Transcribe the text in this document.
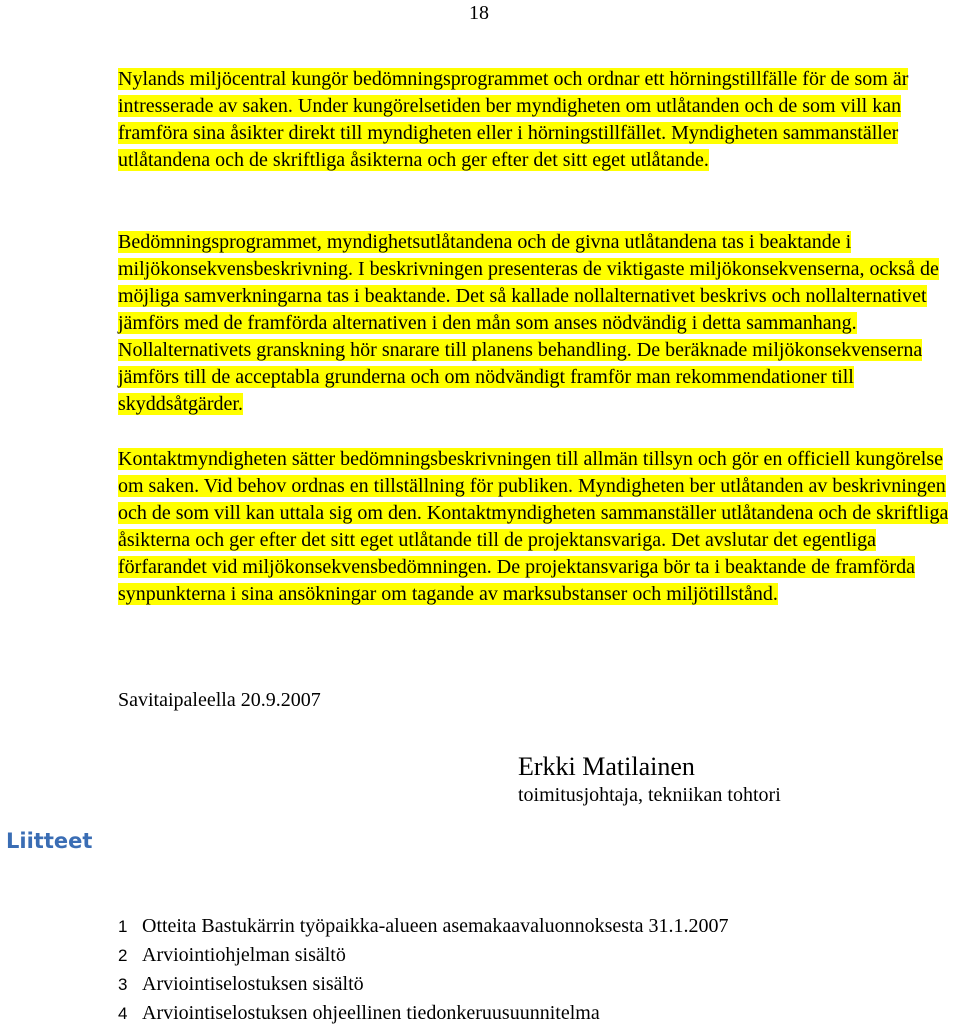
18

Nylands miljöcentral kungör bedömningsprogrammet och ordnar ett hörningstillfälle för de som är intresserade av saken. Under kungörelsetiden ber myndigheten om utlåtanden och de som vill kan framföra sina åsikter direkt till myndigheten eller i hörningstillfället. Myndigheten sammanställer utlåtandena och de skriftliga åsikterna och ger efter det sitt eget utlåtande.

Bedömningsprogrammet, myndighetsutlåtandena och de givna utlåtandena tas i beaktande i miljökonsekvensbeskrivning. I beskrivningen presenteras de viktigaste miljökonsekvenserna, också de möjliga samverkningarna tas i beaktande. Det så kallade nollalternativet beskrivs och nollalternativet jämförs med de framförda alternativen i den mån som anses nödvändig i detta sammanhang. Nollalternativets granskning hör snarare till planens behandling. De beräknade miljökonsekvenserna jämförs till de acceptabla grunderna och om nödvändigt framför man rekommendationer till skyddsåtgärder.

Kontaktmyndigheten sätter bedömningsbeskrivningen till allmän tillsyn och gör en officiell kungörelse om saken. Vid behov ordnas en tillställning för publiken. Myndigheten ber utlåtanden av beskrivningen och de som vill kan uttala sig om den. Kontaktmyndigheten sammanställer utlåtandena och de skriftliga åsikterna och ger efter det sitt eget utlåtande till de projektansvariga. Det avslutar det egentliga förfarandet vid miljökonsekvensbedömningen. De projektansvariga bör ta i beaktande de framförda synpunkterna i sina ansökningar om tagande av marksubstanser och miljötillstånd.

Savitaipaleella 20.9.2007
Erkki Matilainen
toimitusjohtaja, tekniikan tohtori
Liitteet
1 Otteita Bastukärrin työpaikka-alueen asemakaavaluonnoksesta 31.1.2007
2 Arviointiohjelman sisältö
3 Arviointiselostuksen sisältö
4 Arviointiselostuksen ohjeellinen tiedonkeruusuunnitelma
